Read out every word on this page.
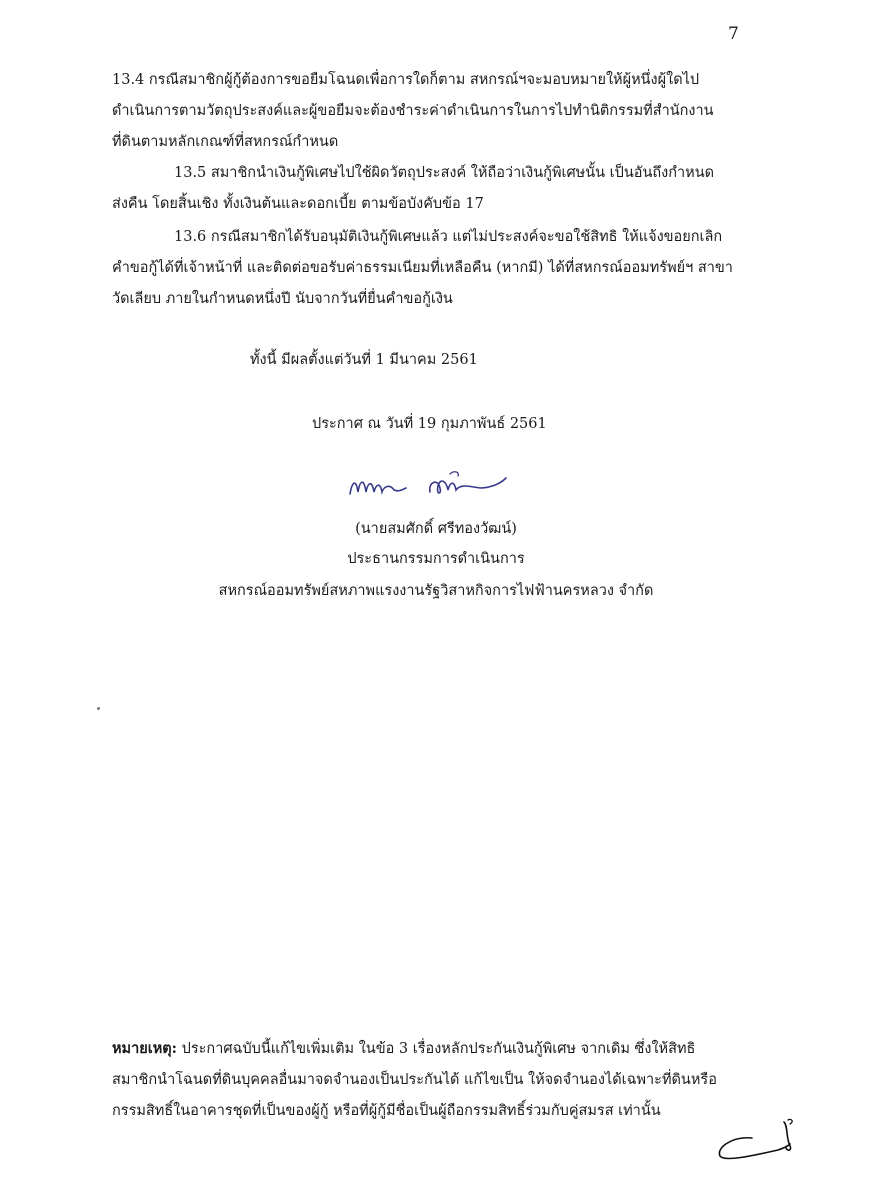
7
13.4 กรณีสมาชิกผู้กู้ต้องการขอยืมโฉนดเพื่อการใดก็ตาม สหกรณ์ฯจะมอบหมายให้ผู้หนึ่งผู้ใดไป
ดำเนินการตามวัตถุประสงค์และผู้ขอยืมจะต้องชำระค่าดำเนินการในการไปทำนิติกรรมที่สำนักงาน
ที่ดินตามหลักเกณฑ์ที่สหกรณ์กำหนด
13.5 สมาชิกนำเงินกู้พิเศษไปใช้ผิดวัตถุประสงค์ ให้ถือว่าเงินกู้พิเศษนั้น เป็นอันถึงกำหนด
ส่งคืน โดยสิ้นเชิง ทั้งเงินต้นและดอกเบี้ย ตามข้อบังคับข้อ 17
13.6 กรณีสมาชิกได้รับอนุมัติเงินกู้พิเศษแล้ว แต่ไม่ประสงค์จะขอใช้สิทธิ ให้แจ้งขอยกเลิก
คำขอกู้ได้ที่เจ้าหน้าที่ และติดต่อขอรับค่าธรรมเนียมที่เหลือคืน (หากมี) ได้ที่สหกรณ์ออมทรัพย์ฯ สาขา
วัดเลียบ ภายในกำหนดหนึ่งปี นับจากวันที่ยื่นคำขอกู้เงิน
ทั้งนี้ มีผลตั้งแต่วันที่ 1 มีนาคม 2561
ประกาศ ณ วันที่ 19 กุมภาพันธ์ 2561
(นายสมศักดิ์ ศรีทองวัฒน์)
ประธานกรรมการดำเนินการ
สหกรณ์ออมทรัพย์สหภาพแรงงานรัฐวิสาหกิจการไฟฟ้านครหลวง จำกัด
หมายเหตุ: ประกาศฉบับนี้แก้ไขเพิ่มเติม ในข้อ 3 เรื่องหลักประกันเงินกู้พิเศษ จากเดิม ซึ่งให้สิทธิ
สมาชิกนำโฉนดที่ดินบุคคลอื่นมาจดจำนองเป็นประกันได้ แก้ไขเป็น ให้จดจำนองได้เฉพาะที่ดินหรือ
กรรมสิทธิ์ในอาคารชุดที่เป็นของผู้กู้ หรือที่ผู้กู้มีชื่อเป็นผู้ถือกรรมสิทธิ์ร่วมกับคู่สมรส เท่านั้น
